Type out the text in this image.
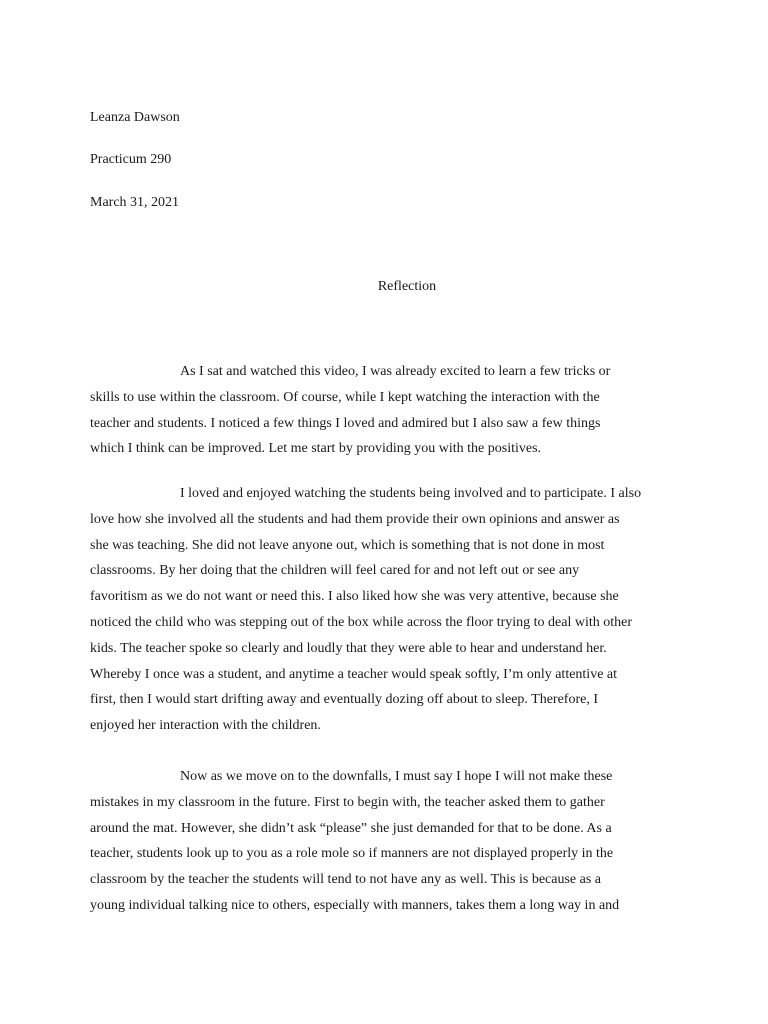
Leanza Dawson
Practicum 290
March 31, 2021
Reflection
As I sat and watched this video, I was already excited to learn a few tricks or
skills to use within the classroom. Of course, while I kept watching the interaction with the
teacher and students. I noticed a few things I loved and admired but I also saw a few things
which I think can be improved. Let me start by providing you with the positives.
I loved and enjoyed watching the students being involved and to participate. I also
love how she involved all the students and had them provide their own opinions and answer as
she was teaching. She did not leave anyone out, which is something that is not done in most
classrooms. By her doing that the children will feel cared for and not left out or see any
favoritism as we do not want or need this. I also liked how she was very attentive, because she
noticed the child who was stepping out of the box while across the floor trying to deal with other
kids. The teacher spoke so clearly and loudly that they were able to hear and understand her.
Whereby I once was a student, and anytime a teacher would speak softly, I’m only attentive at
first, then I would start drifting away and eventually dozing off about to sleep. Therefore, I
enjoyed her interaction with the children.
Now as we move on to the downfalls, I must say I hope I will not make these
mistakes in my classroom in the future. First to begin with, the teacher asked them to gather
around the mat. However, she didn’t ask “please” she just demanded for that to be done. As a
teacher, students look up to you as a role mole so if manners are not displayed properly in the
classroom by the teacher the students will tend to not have any as well. This is because as a
young individual talking nice to others, especially with manners, takes them a long way in and
